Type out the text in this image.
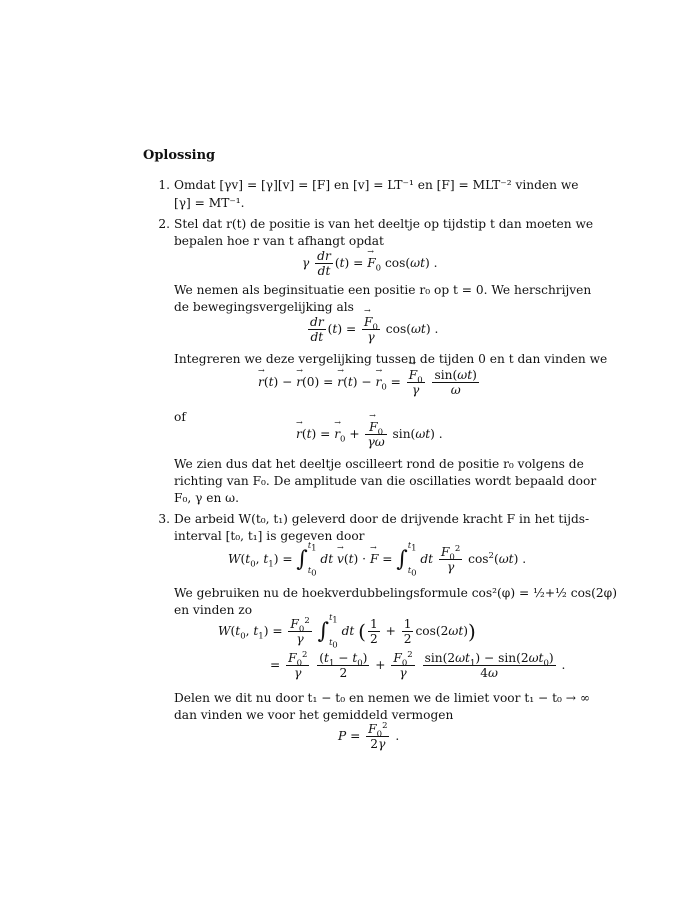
Oplossing
1. Omdat [γv] = [γ][v] = [F] en [v] = LT⁻¹ en [F] = MLT⁻² vinden we
[γ] = MT⁻¹.
2. Stel dat r(t) de positie is van het deeltje op tijdstip t dan moeten we
bepalen hoe r van t afhangt opdat
γ $\frac{d\to r}{dt} (t)$ = → $F_0$ cos(ωt) .
We nemen als beginsituatie een positie r₀ op t = 0. We herschrijven
de bewegingsvergelijking als
$\frac{d\to r}{dt} (t)$ = → $\frac{F_0}{\gamma} \cos(\omega t)$ .
Integreren we deze vergelijking tussen de tijden 0 en t dan vinden we
→ r(t) − → r(0) = → r(t) − → $r_0$ = → $\frac{F_0}{\gamma}$
$\frac{\sin(\omega t)}{\omega}$
of
→ r(t) = → $r_0$ + → $\frac{F_0}{\gamma\omega} \sin(\omega t)$ .
We zien dus dat het deeltje oscilleert rond de positie r₀ volgens de
richting van F₀. De amplitude van die oscillaties wordt bepaald door
F₀, γ en ω.
3. De arbeid W(t₀, t₁) geleverd door de drijvende kracht F in het tijds-
interval [t₀, t₁] is gegeven door
$W(t_0$, $t_1$) = ∫
$t_1$
$t_0$
dt → v(t) · → F = ∫
$t_1$
$t_0$
dt $\frac{F_0^2}{\gamma} \cos^2(\omega t)$ .
We gebruiken nu de hoekverdubbelingsformule cos²(φ) = ½+½ cos(2φ)
en vinden zo
$W(t_0$, $t_1) = \frac{F_0^2}{\gamma}$ ∫
$t_1$
$t_0$
dt ( $\frac{1}{2} + \frac{1}{2} \cos(2\omega t)$)
= $\frac{F_0^2}{\gamma}$
$\frac{(t_1 - t_0)}{2} + \frac{F_0^2}{\gamma}$
$\frac{\sin(2\omega t_1) - \sin(2\omega t_0)}{4\omega}$ .
Delen we dit nu door t₁ − t₀ en nemen we de limiet voor t₁ − t₀ → ∞
dan vinden we voor het gemiddeld vermogen
$P = \frac{F_0^2}{2\gamma}$ .
